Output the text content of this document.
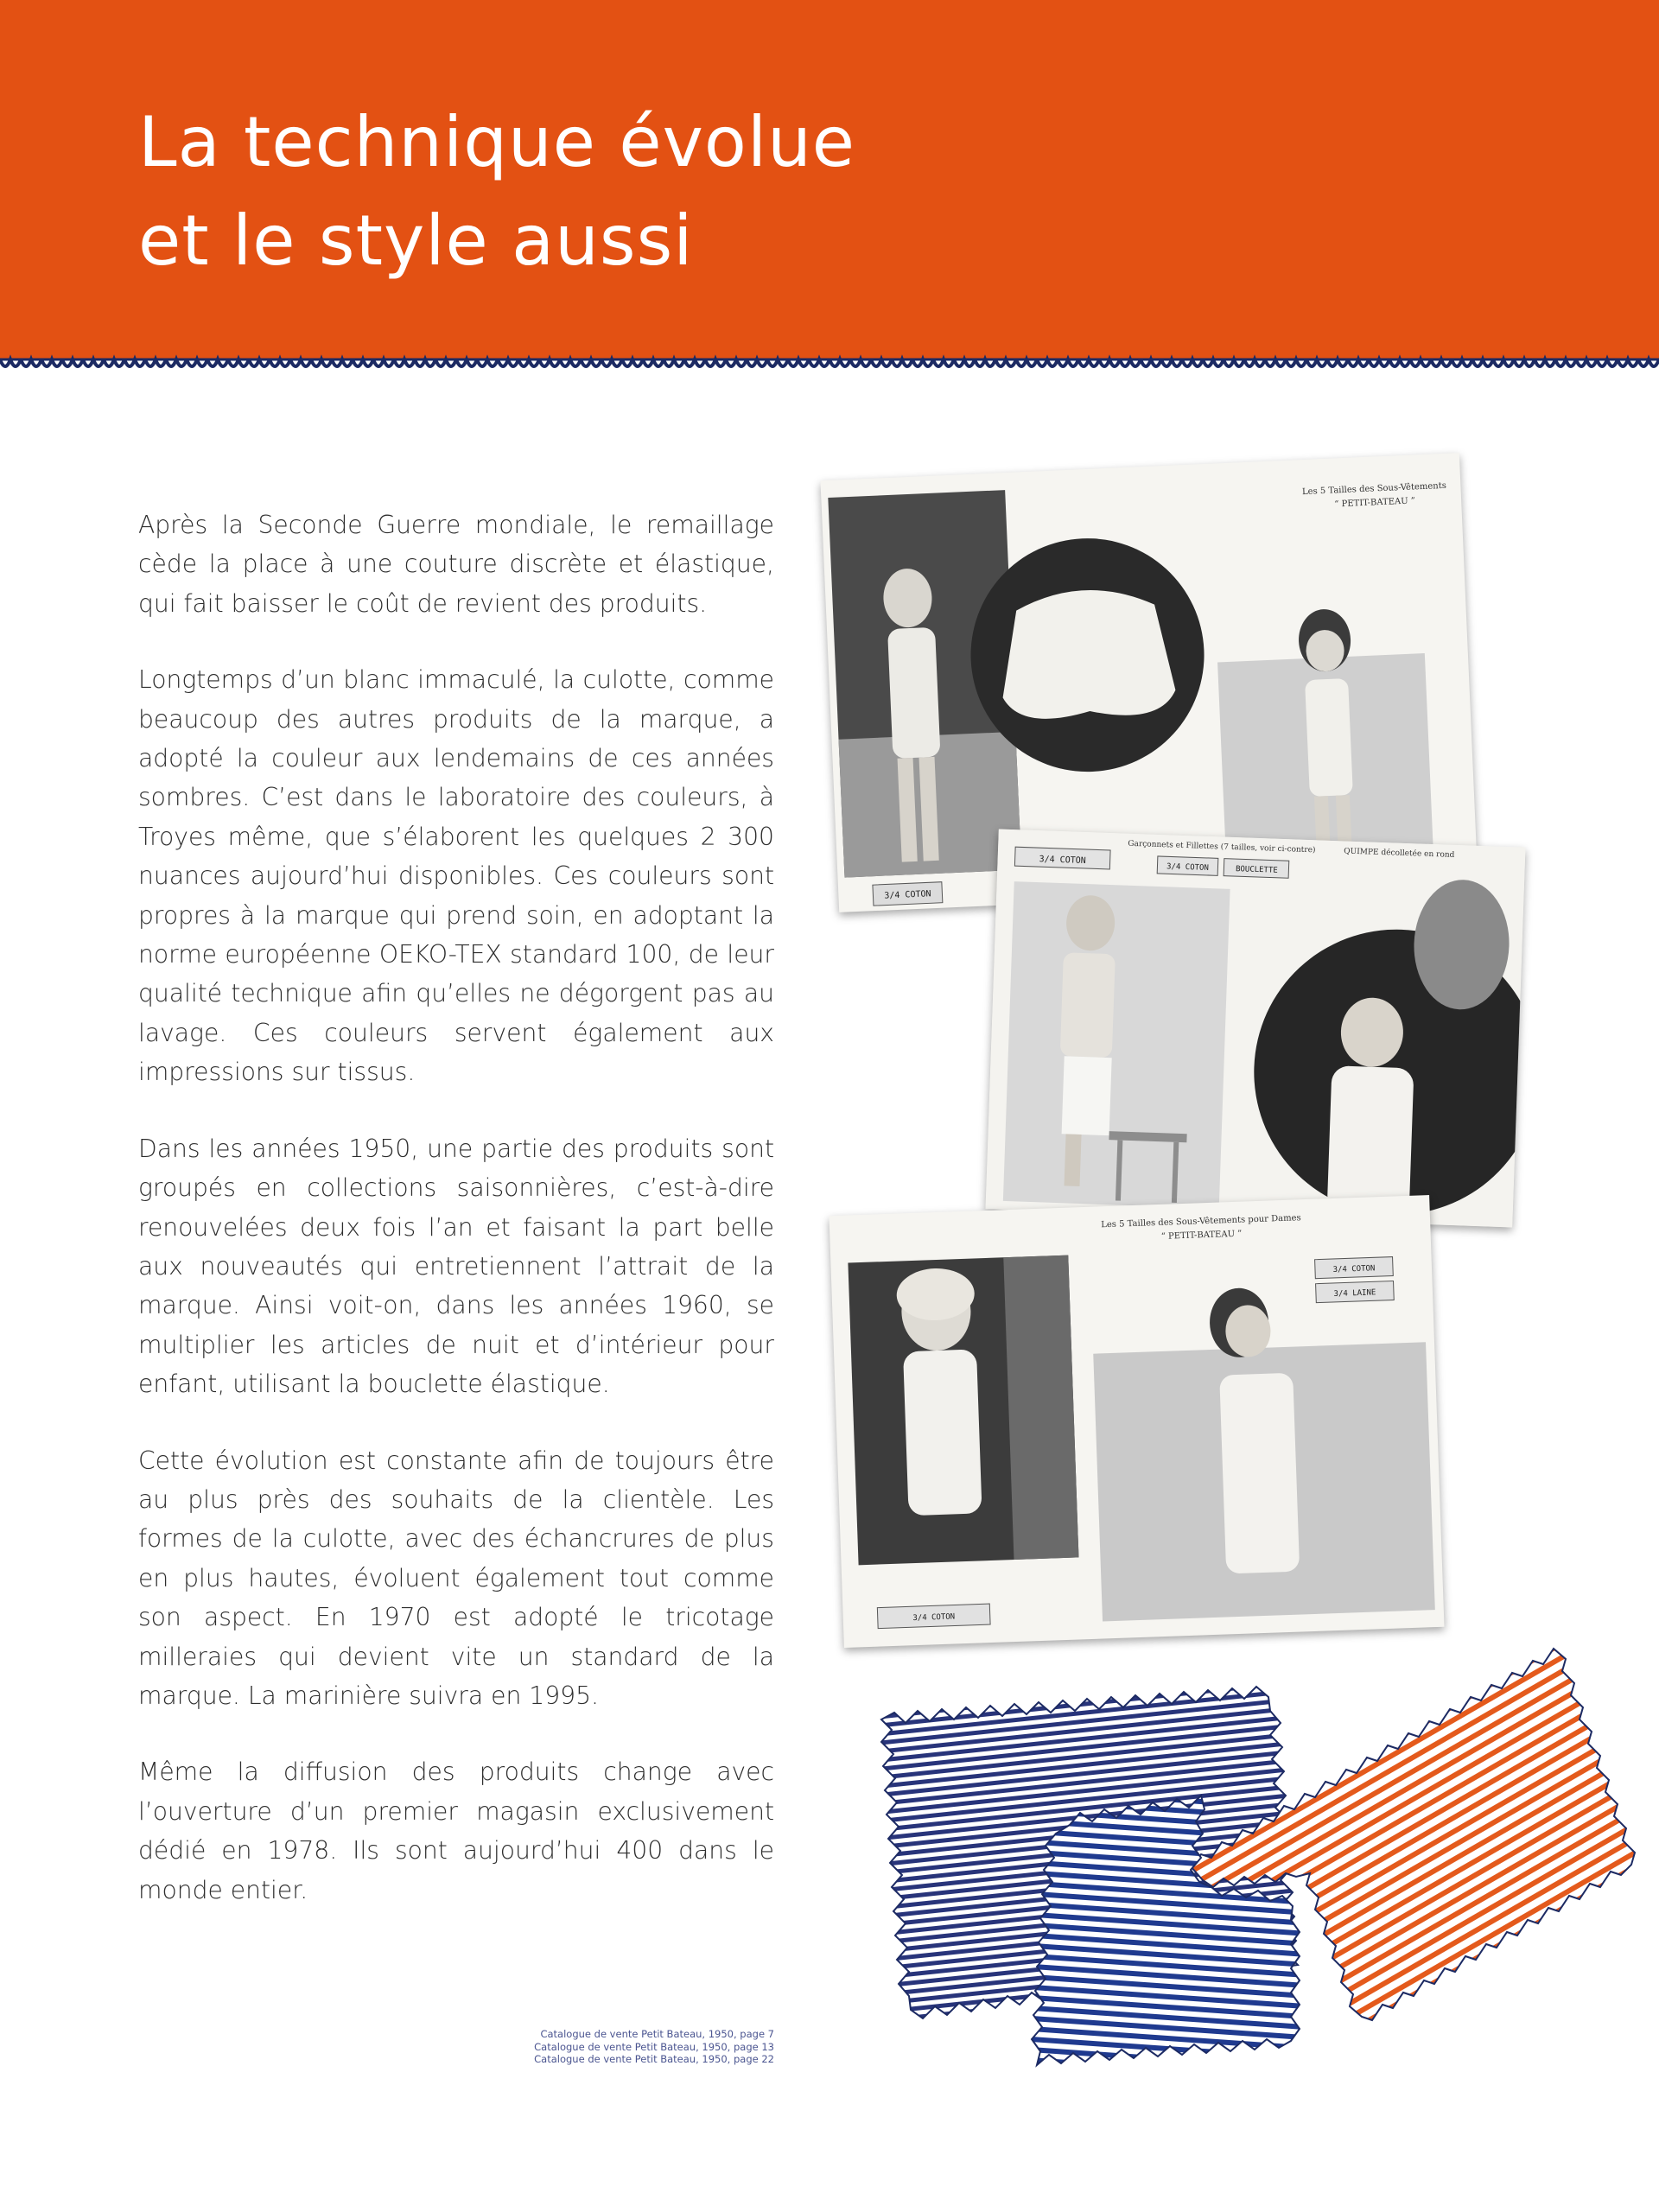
La technique évolue
et le style aussi

Après la Seconde Guerre mondiale, le remaillage cède la place à une couture discrète et élastique, qui fait baisser le coût de revient des produits.

Longtemps d’un blanc immaculé, la culotte, comme beaucoup des autres produits de la marque, a adopté la couleur aux lendemains de ces années sombres. C’est dans le laboratoire des couleurs, à Troyes même, que s’élaborent les quelques 2 300 nuances aujourd’hui disponibles. Ces couleurs sont propres à la marque qui prend soin, en adoptant la norme européenne OEKO-TEX standard 100, de leur qualité technique afin qu’elles ne dégorgent pas au lavage. Ces couleurs servent également aux impressions sur tissus.

Dans les années 1950, une partie des produits sont groupés en collections saisonnières, c’est-à-dire renouvelées deux fois l’an et faisant la part belle aux nouveautés qui entretiennent l’attrait de la marque. Ainsi voit-on, dans les années 1960, se multiplier les articles de nuit et d’intérieur pour enfant, utilisant la bouclette élastique.

Cette évolution est constante afin de toujours être au plus près des souhaits de la clientèle. Les formes de la culotte, avec des échancrures de plus en plus hautes, évoluent également tout comme son aspect. En 1970 est adopté le tricotage milleraies qui devient vite un standard de la marque. La marinière suivra en 1995.

Même la diffusion des produits change avec l’ouverture d’un premier magasin exclusivement dédié en 1978. Ils sont aujourd’hui 400 dans le monde entier.

Les 5 Tailles des Sous-Vêtements
“ PETIT-BATEAU ”
3/4 COTON
3/4 COTON
3/4 COTON	BOUCLETTE
Garçonnets et Fillettes (7 tailles, voir ci-contre)	QUIMPE décolletée en rond
Les 5 Tailles des Sous-Vêtements pour Dames
“ PETIT-BATEAU ”
3/4 COTON
3/4 LAINE
3/4 COTON
Catalogue de vente Petit Bateau, 1950, page 7
Catalogue de vente Petit Bateau, 1950, page 13
Catalogue de vente Petit Bateau, 1950, page 22
